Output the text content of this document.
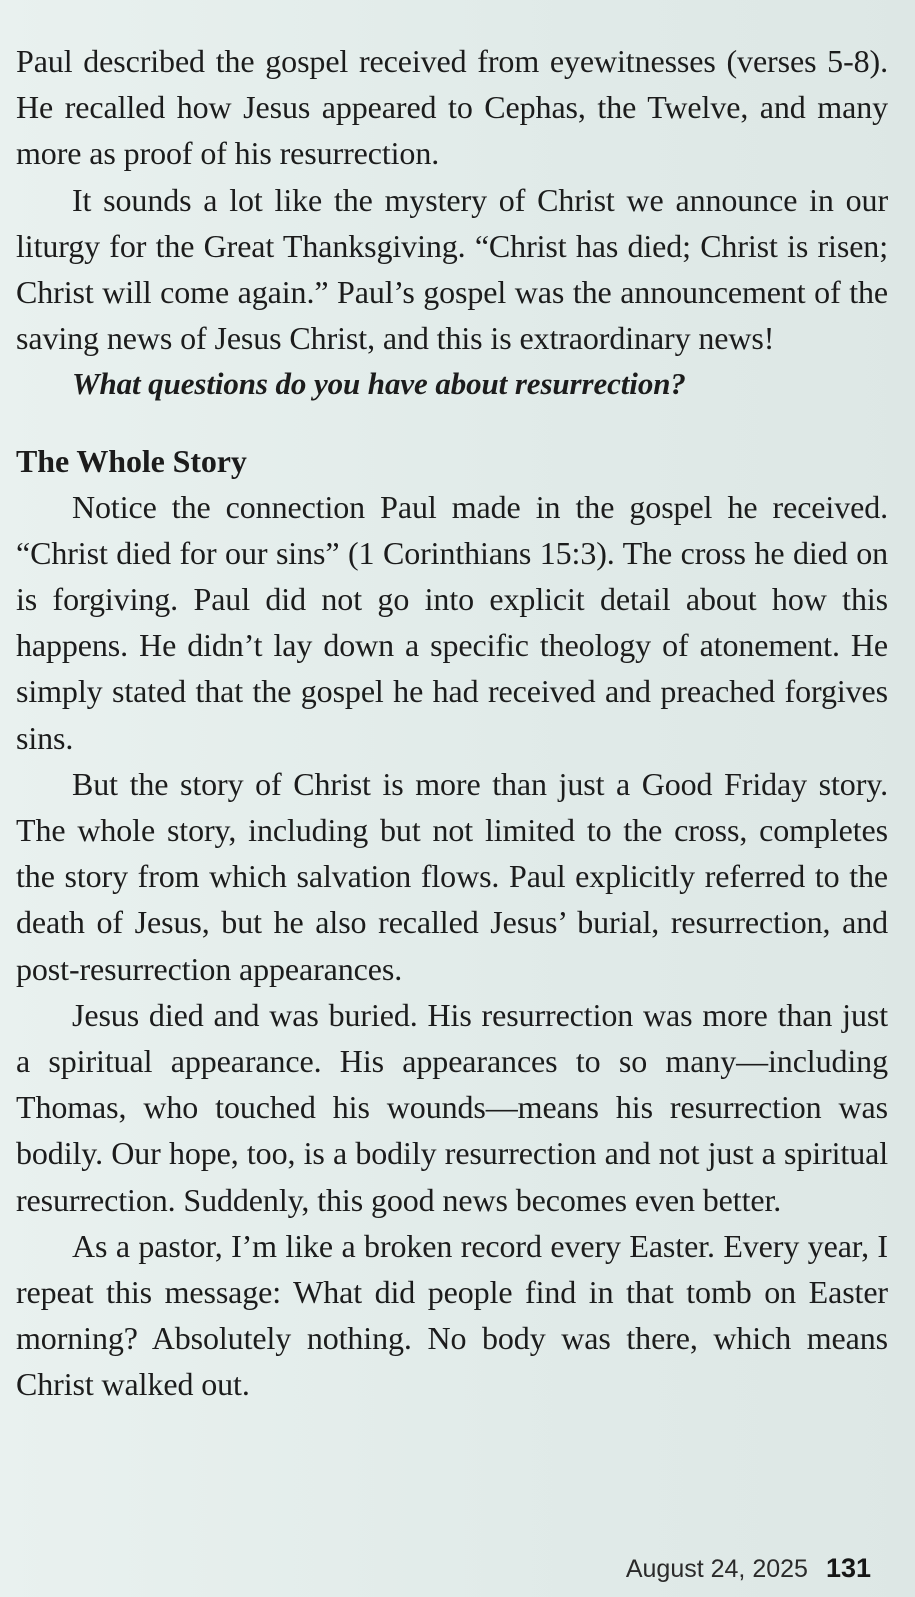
Paul described the gospel received from eyewitnesses (verses 5-8). He recalled how Jesus appeared to Cephas, the Twelve, and many more as proof of his resurrection.

It sounds a lot like the mystery of Christ we announce in our liturgy for the Great Thanksgiving. “Christ has died; Christ is risen; Christ will come again.” Paul’s gospel was the announcement of the saving news of Jesus Christ, and this is extraordinary news!

What questions do you have about resurrection?

The Whole Story

Notice the connection Paul made in the gospel he received. “Christ died for our sins” (1 Corinthians 15:3). The cross he died on is forgiving. Paul did not go into explicit detail about how this happens. He didn’t lay down a specific theology of atonement. He simply stated that the gospel he had received and preached forgives sins.

But the story of Christ is more than just a Good Friday story. The whole story, including but not limited to the cross, completes the story from which salvation flows. Paul explicitly referred to the death of Jesus, but he also recalled Jesus’ burial, resurrection, and post-resurrection appearances.

Jesus died and was buried. His resurrection was more than just a spiritual appearance. His appearances to so many—including Thomas, who touched his wounds—means his resurrection was bodily. Our hope, too, is a bodily resurrection and not just a spiritual resurrection. Suddenly, this good news becomes even better.

As a pastor, I’m like a broken record every Easter. Every year, I repeat this message: What did people find in that tomb on Easter morning? Absolutely nothing. No body was there, which means Christ walked out.

August 24, 2025 131
